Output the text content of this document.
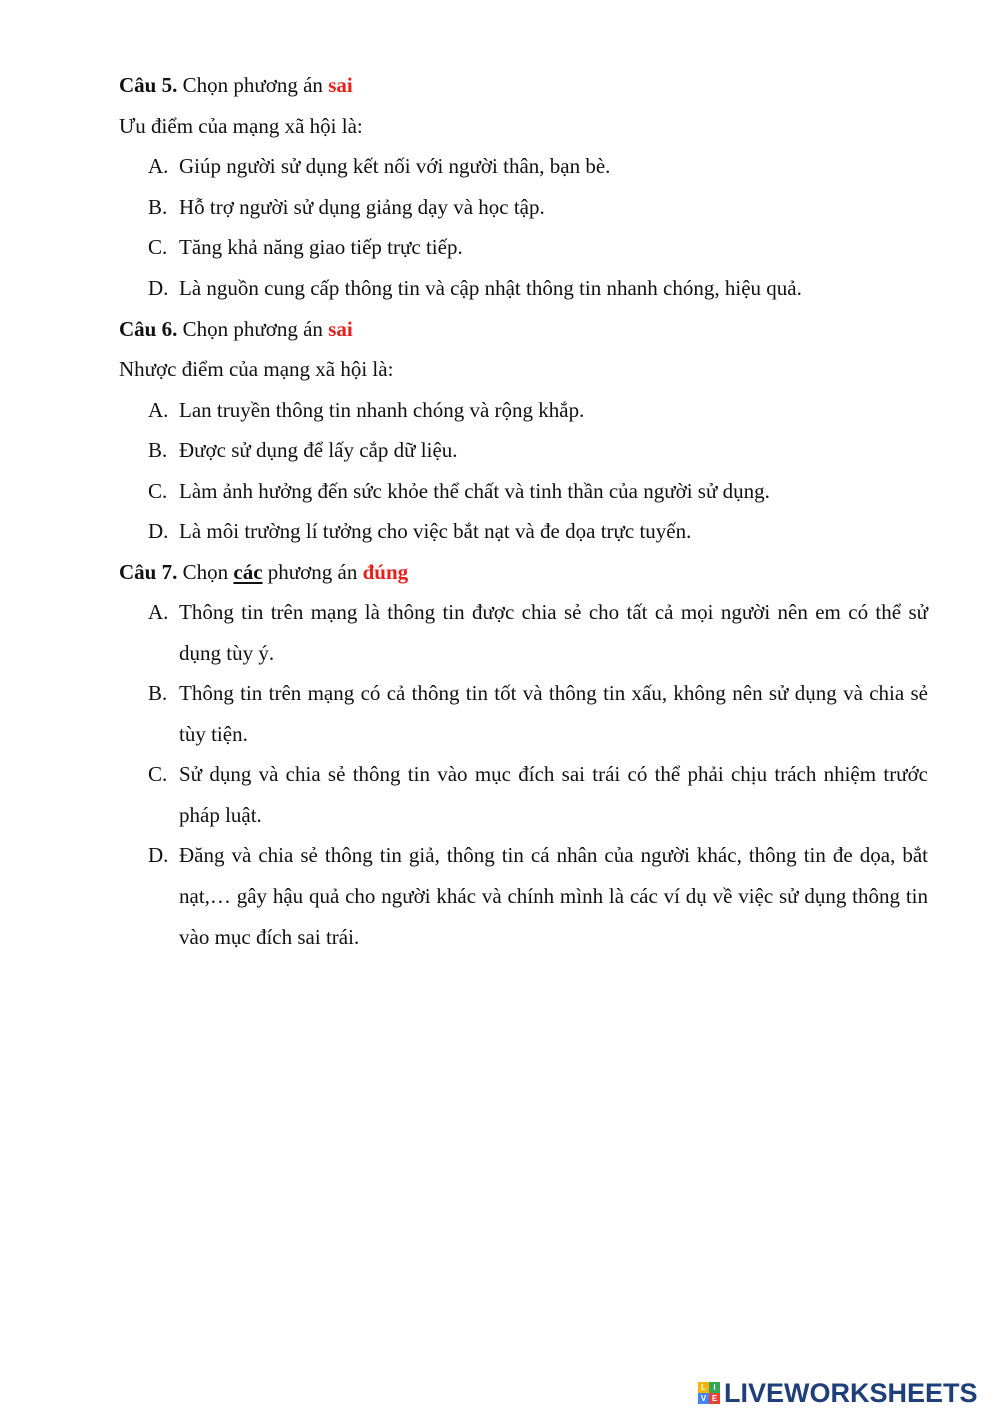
Câu 5. Chọn phương án sai
Ưu điểm của mạng xã hội là:
A. Giúp người sử dụng kết nối với người thân, bạn bè.
B. Hỗ trợ người sử dụng giảng dạy và học tập.
C. Tăng khả năng giao tiếp trực tiếp.
D. Là nguồn cung cấp thông tin và cập nhật thông tin nhanh chóng, hiệu quả.
Câu 6. Chọn phương án sai
Nhược điểm của mạng xã hội là:
A. Lan truyền thông tin nhanh chóng và rộng khắp.
B. Được sử dụng để lấy cắp dữ liệu.
C. Làm ảnh hưởng đến sức khỏe thể chất và tinh thần của người sử dụng.
D. Là môi trường lí tưởng cho việc bắt nạt và đe dọa trực tuyến.
Câu 7. Chọn các phương án đúng
A. Thông tin trên mạng là thông tin được chia sẻ cho tất cả mọi người nên em có thể sử dụng tùy ý.
B. Thông tin trên mạng có cả thông tin tốt và thông tin xấu, không nên sử dụng và chia sẻ tùy tiện.
C. Sử dụng và chia sẻ thông tin vào mục đích sai trái có thể phải chịu trách nhiệm trước pháp luật.
D. Đăng và chia sẻ thông tin giả, thông tin cá nhân của người khác, thông tin đe dọa, bắt nạt,… gây hậu quả cho người khác và chính mình là các ví dụ về việc sử dụng thông tin vào mục đích sai trái.
L I
V E LIVEWORKSHEETS
